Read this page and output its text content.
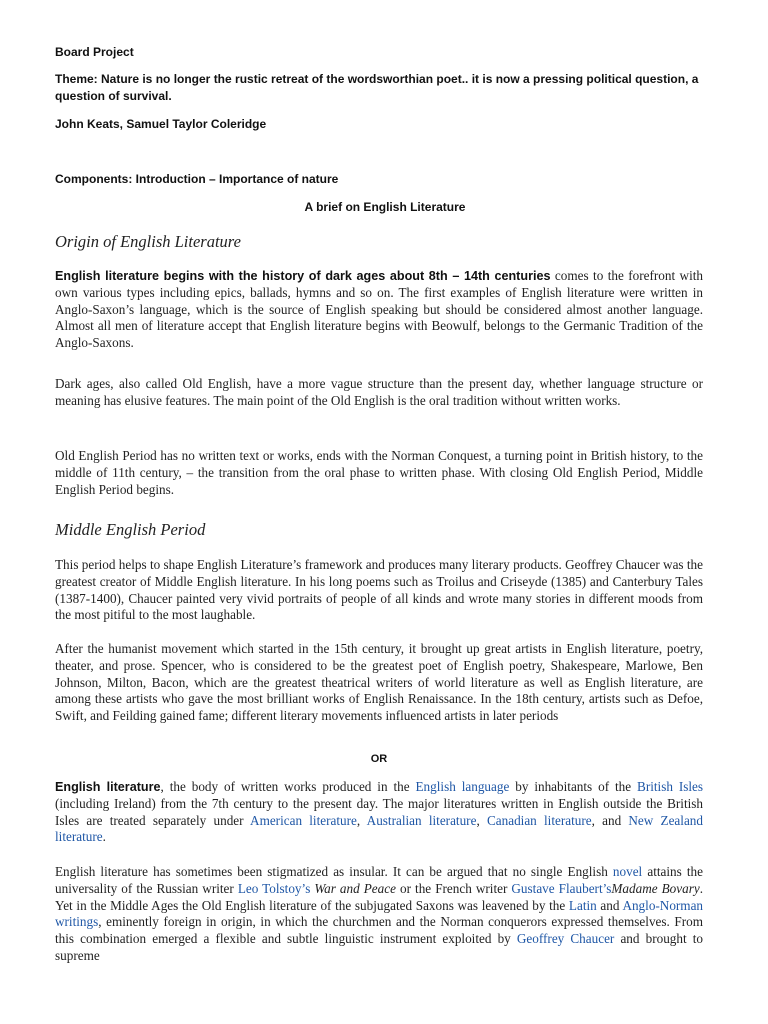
Board Project
Theme: Nature is no longer the rustic retreat of the wordsworthian poet.. it is now a pressing political question, a question of survival.
John Keats, Samuel Taylor Coleridge
Components: Introduction – Importance of nature
A brief on English Literature
Origin of English Literature

English literature begins with the history of dark ages about 8th – 14th centuries comes to the forefront with own various types including epics, ballads, hymns and so on. The first examples of English literature were written in Anglo-Saxon’s language, which is the source of English speaking but should be considered almost another language. Almost all men of literature accept that English literature begins with Beowulf, belongs to the Germanic Tradition of the Anglo-Saxons.

Dark ages, also called Old English, have a more vague structure than the present day, whether language structure or meaning has elusive features. The main point of the Old English is the oral tradition without written works.

Old English Period has no written text or works, ends with the Norman Conquest, a turning point in British history, to the middle of 11th century, – the transition from the oral phase to written phase. With closing Old English Period, Middle English Period begins.

Middle English Period

This period helps to shape English Literature’s framework and produces many literary products. Geoffrey Chaucer was the greatest creator of Middle English literature. In his long poems such as Troilus and Criseyde (1385) and Canterbury Tales (1387-1400), Chaucer painted very vivid portraits of people of all kinds and wrote many stories in different moods from the most pitiful to the most laughable.

After the humanist movement which started in the 15th century, it brought up great artists in English literature, poetry, theater, and prose. Spencer, who is considered to be the greatest poet of English poetry, Shakespeare, Marlowe, Ben Johnson, Milton, Bacon, which are the greatest theatrical writers of world literature as well as English literature, are among these artists who gave the most brilliant works of English Renaissance. In the 18th century, artists such as Defoe, Swift, and Feilding gained fame; different literary movements influenced artists in later periods

OR

English literature, the body of written works produced in the English language by inhabitants of the British Isles (including Ireland) from the 7th century to the present day. The major literatures written in English outside the British Isles are treated separately under American literature, Australian literature, Canadian literature, and New Zealand literature.

English literature has sometimes been stigmatized as insular. It can be argued that no single English novel attains the universality of the Russian writer Leo Tolstoy’s War and Peace or the French writer Gustave Flaubert’sMadame Bovary. Yet in the Middle Ages the Old English literature of the subjugated Saxons was leavened by the Latin and Anglo-Norman writings, eminently foreign in origin, in which the churchmen and the Norman conquerors expressed themselves. From this combination emerged a flexible and subtle linguistic instrument exploited by Geoffrey Chaucer and brought to supreme
